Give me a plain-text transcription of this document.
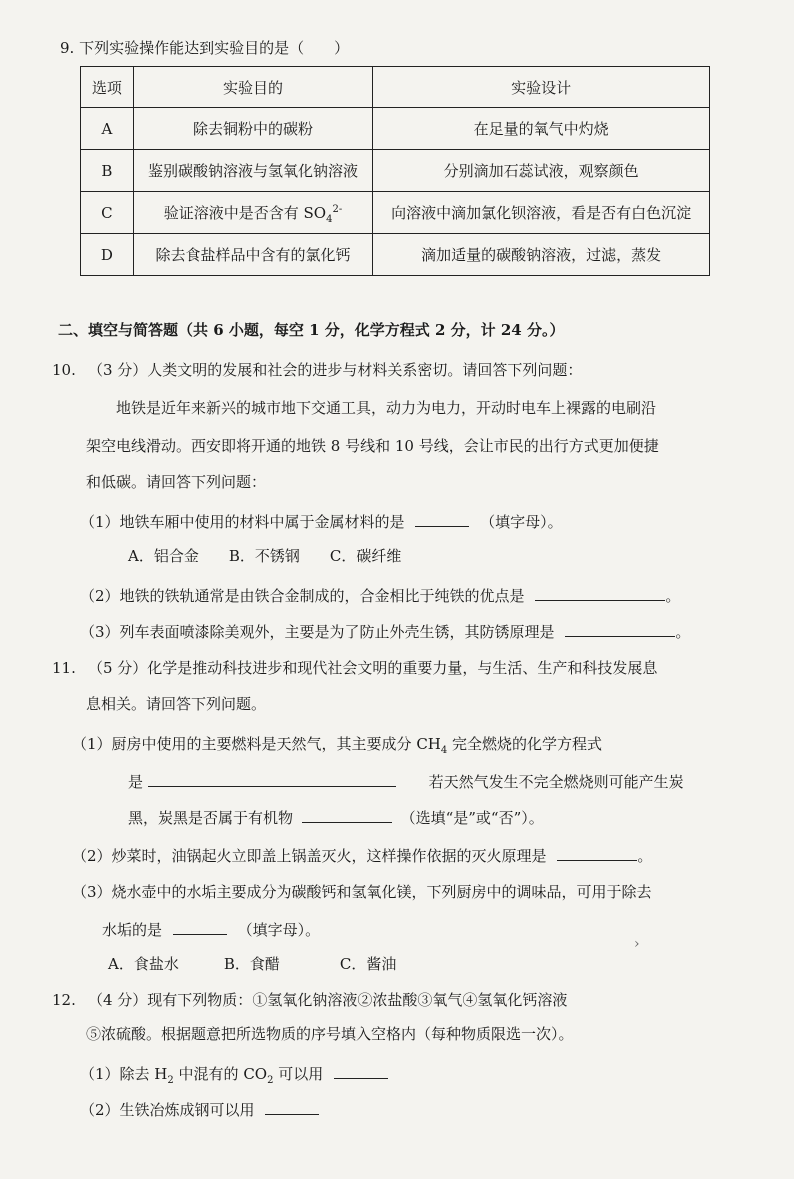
9. 下列实验操作能达到实验目的是（　　）
选项	实验目的	实验设计
A	除去铜粉中的碳粉	在足量的氧气中灼烧
B	鉴别碳酸钠溶液与氢氧化钠溶液	分别滴加石蕊试液，观察颜色
C	验证溶液中是否含有 $SO_4^{2-}$	向溶液中滴加氯化钡溶液，看是否有白色沉淀
D	除去食盐样品中含有的氯化钙	滴加适量的碳酸钠溶液，过滤，蒸发
二、填空与简答题（共 6 小题，每空 1 分，化学方程式 2 分，计 24 分。）
10. （3 分）人类文明的发展和社会的进步与材料关系密切。请回答下列问题：
地铁是近年来新兴的城市地下交通工具，动力为电力，开动时电车上裸露的电刷沿
架空电线滑动。西安即将开通的地铁 8 号线和 10 号线，会让市民的出行方式更加便捷
和低碳。请回答下列问题：
（1）地铁车厢中使用的材料中属于金属材料的是	（填字母）。
A．铝合金　　B．不锈钢　　C．碳纤维
（2）地铁的铁轨通常是由铁合金制成的，合金相比于纯铁的优点是	。
（3）列车表面喷漆除美观外，主要是为了防止外壳生锈，其防锈原理是	。
11. （5 分）化学是推动科技进步和现代社会文明的重要力量，与生活、生产和科技发展息
息相关。请回答下列问题。
（1）厨房中使用的主要燃料是天然气，其主要成分 $CH_4$ 完全燃烧的化学方程式
是	若天然气发生不完全燃烧则可能产生炭
黑，炭黑是否属于有机物	（选填“是”或“否”）。
（2）炒菜时，油锅起火立即盖上锅盖灭火，这样操作依据的灭火原理是	。
（3）烧水壶中的水垢主要成分为碳酸钙和氢氧化镁，下列厨房中的调味品，可用于除去
水垢的是	（填字母）。
A．食盐水　　　B．食醋　　　　C．酱油
›
12. （4 分）现有下列物质：①氢氧化钠溶液②浓盐酸③氧气④氢氧化钙溶液
⑤浓硫酸。根据题意把所选物质的序号填入空格内（每种物质限选一次）。
（1）除去 $H_2$ 中混有的 $CO_2$ 可以用
（2）生铁冶炼成钢可以用
